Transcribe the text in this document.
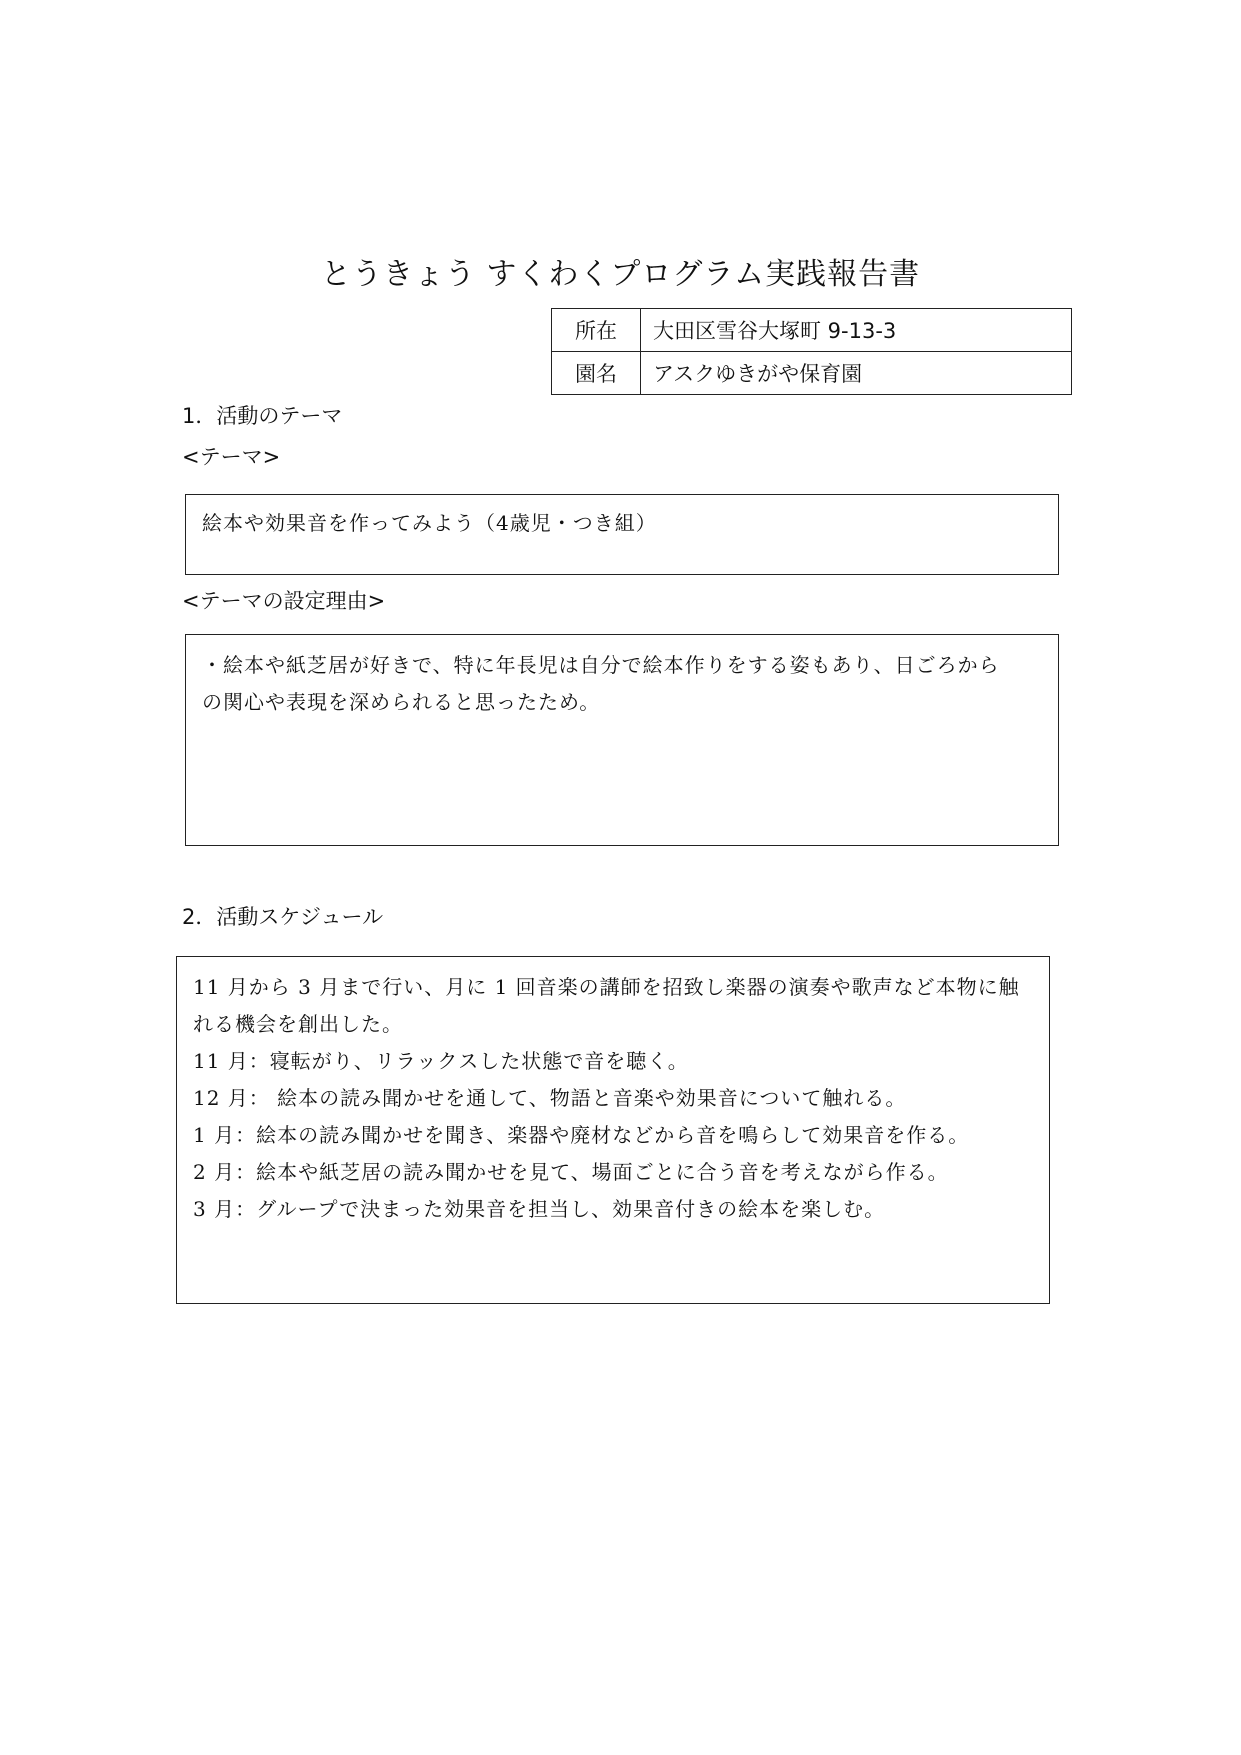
とうきょう すくわくプログラム実践報告書
所在	大田区雪谷大塚町 9-13-3
園名	アスクゆきがや保育園
1．活動のテーマ
<テーマ>

絵本や効果音を作ってみよう（4歳児・つき組）

<テーマの設定理由>

・絵本や紙芝居が好きで、特に年長児は自分で絵本作りをする姿もあり、日ごろから

の関心や表現を深められると思ったため。

2．活動スケジュール

11 月から 3 月まで行い、月に 1 回音楽の講師を招致し楽器の演奏や歌声など本物に触

れる機会を創出した。

11 月：寝転がり、リラックスした状態で音を聴く。

12 月： 絵本の読み聞かせを通して、物語と音楽や効果音について触れる。

1 月：絵本の読み聞かせを聞き、楽器や廃材などから音を鳴らして効果音を作る。

2 月：絵本や紙芝居の読み聞かせを見て、場面ごとに合う音を考えながら作る。

3 月：グループで決まった効果音を担当し、効果音付きの絵本を楽しむ。
